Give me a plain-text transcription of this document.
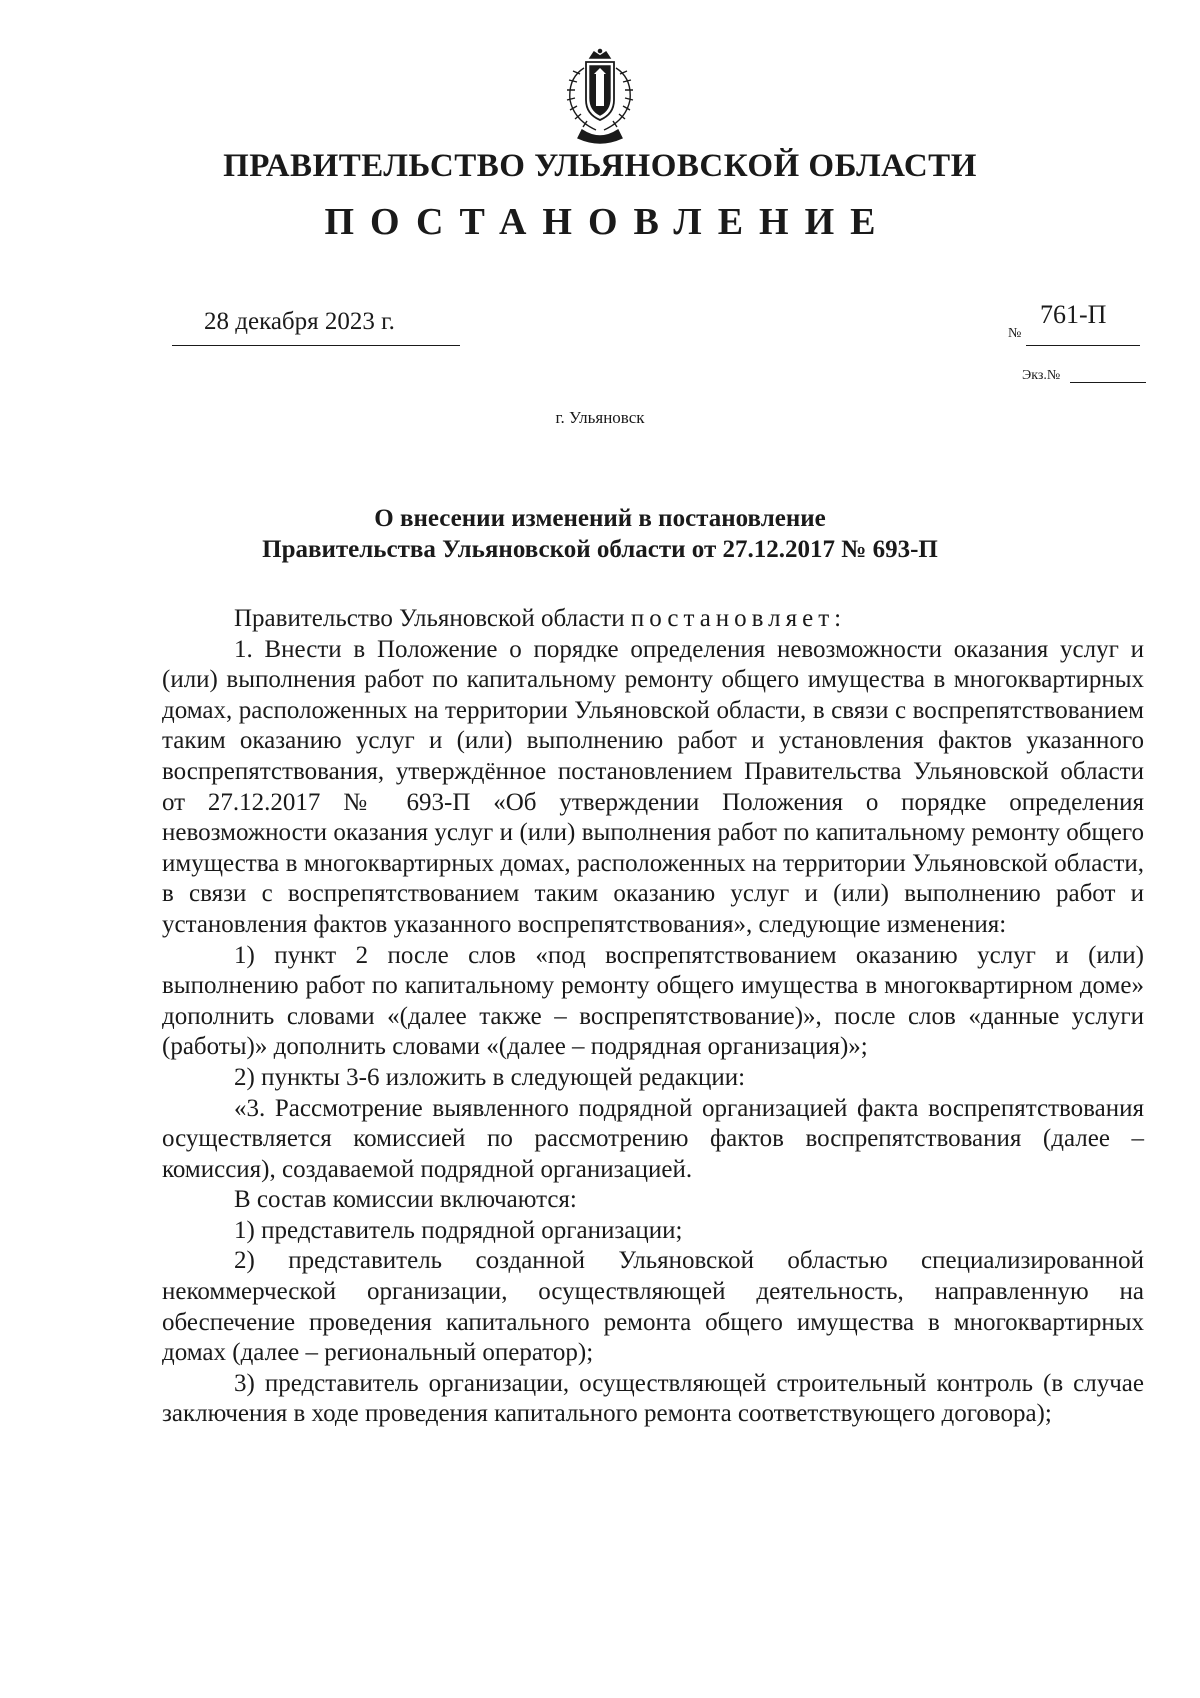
ПРАВИТЕЛЬСТВО УЛЬЯНОВСКОЙ ОБЛАСТИ
ПОСТАНОВЛЕНИЕ
28 декабря 2023 г.	№
761-П
Экз.№
г. Ульяновск
О внесении изменений в постановление
Правительства Ульяновской области от 27.12.2017 № 693-П

Правительство Ульяновской области постановляет:

1. Внести в Положение о порядке определения невозможности оказания услуг и (или) выполнения работ по капитальному ремонту общего имущества в многоквартирных домах, расположенных на территории Ульяновской области, в связи с воспрепятствованием таким оказанию услуг и (или) выполнению работ и установления фактов указанного воспрепятствования, утверждённое постановлением Правительства Ульяновской области от 27.12.2017 № 693-П «Об утверждении Положения о порядке определения невозможности оказания услуг и (или) выполнения работ по капитальному ремонту общего имущества в многоквартирных домах, расположенных на территории Ульяновской области, в связи с воспрепятствованием таким оказанию услуг и (или) выполнению работ и установления фактов указанного воспрепятствования», следующие изменения:

1) пункт 2 после слов «под воспрепятствованием оказанию услуг и (или) выполнению работ по капитальному ремонту общего имущества в многоквартирном доме» дополнить словами «(далее также – воспрепятствование)», после слов «данные услуги (работы)» дополнить словами «(далее – подрядная организация)»;

2) пункты 3-6 изложить в следующей редакции:

«3. Рассмотрение выявленного подрядной организацией факта воспрепятствования осуществляется комиссией по рассмотрению фактов воспрепятствования (далее – комиссия), создаваемой подрядной организацией.

В состав комиссии включаются:

1) представитель подрядной организации;

2) представитель созданной Ульяновской областью специализированной некоммерческой организации, осуществляющей деятельность, направленную на обеспечение проведения капитального ремонта общего имущества в многоквартирных домах (далее – региональный оператор);

3) представитель организации, осуществляющей строительный контроль (в случае заключения в ходе проведения капитального ремонта соответствующего договора);
